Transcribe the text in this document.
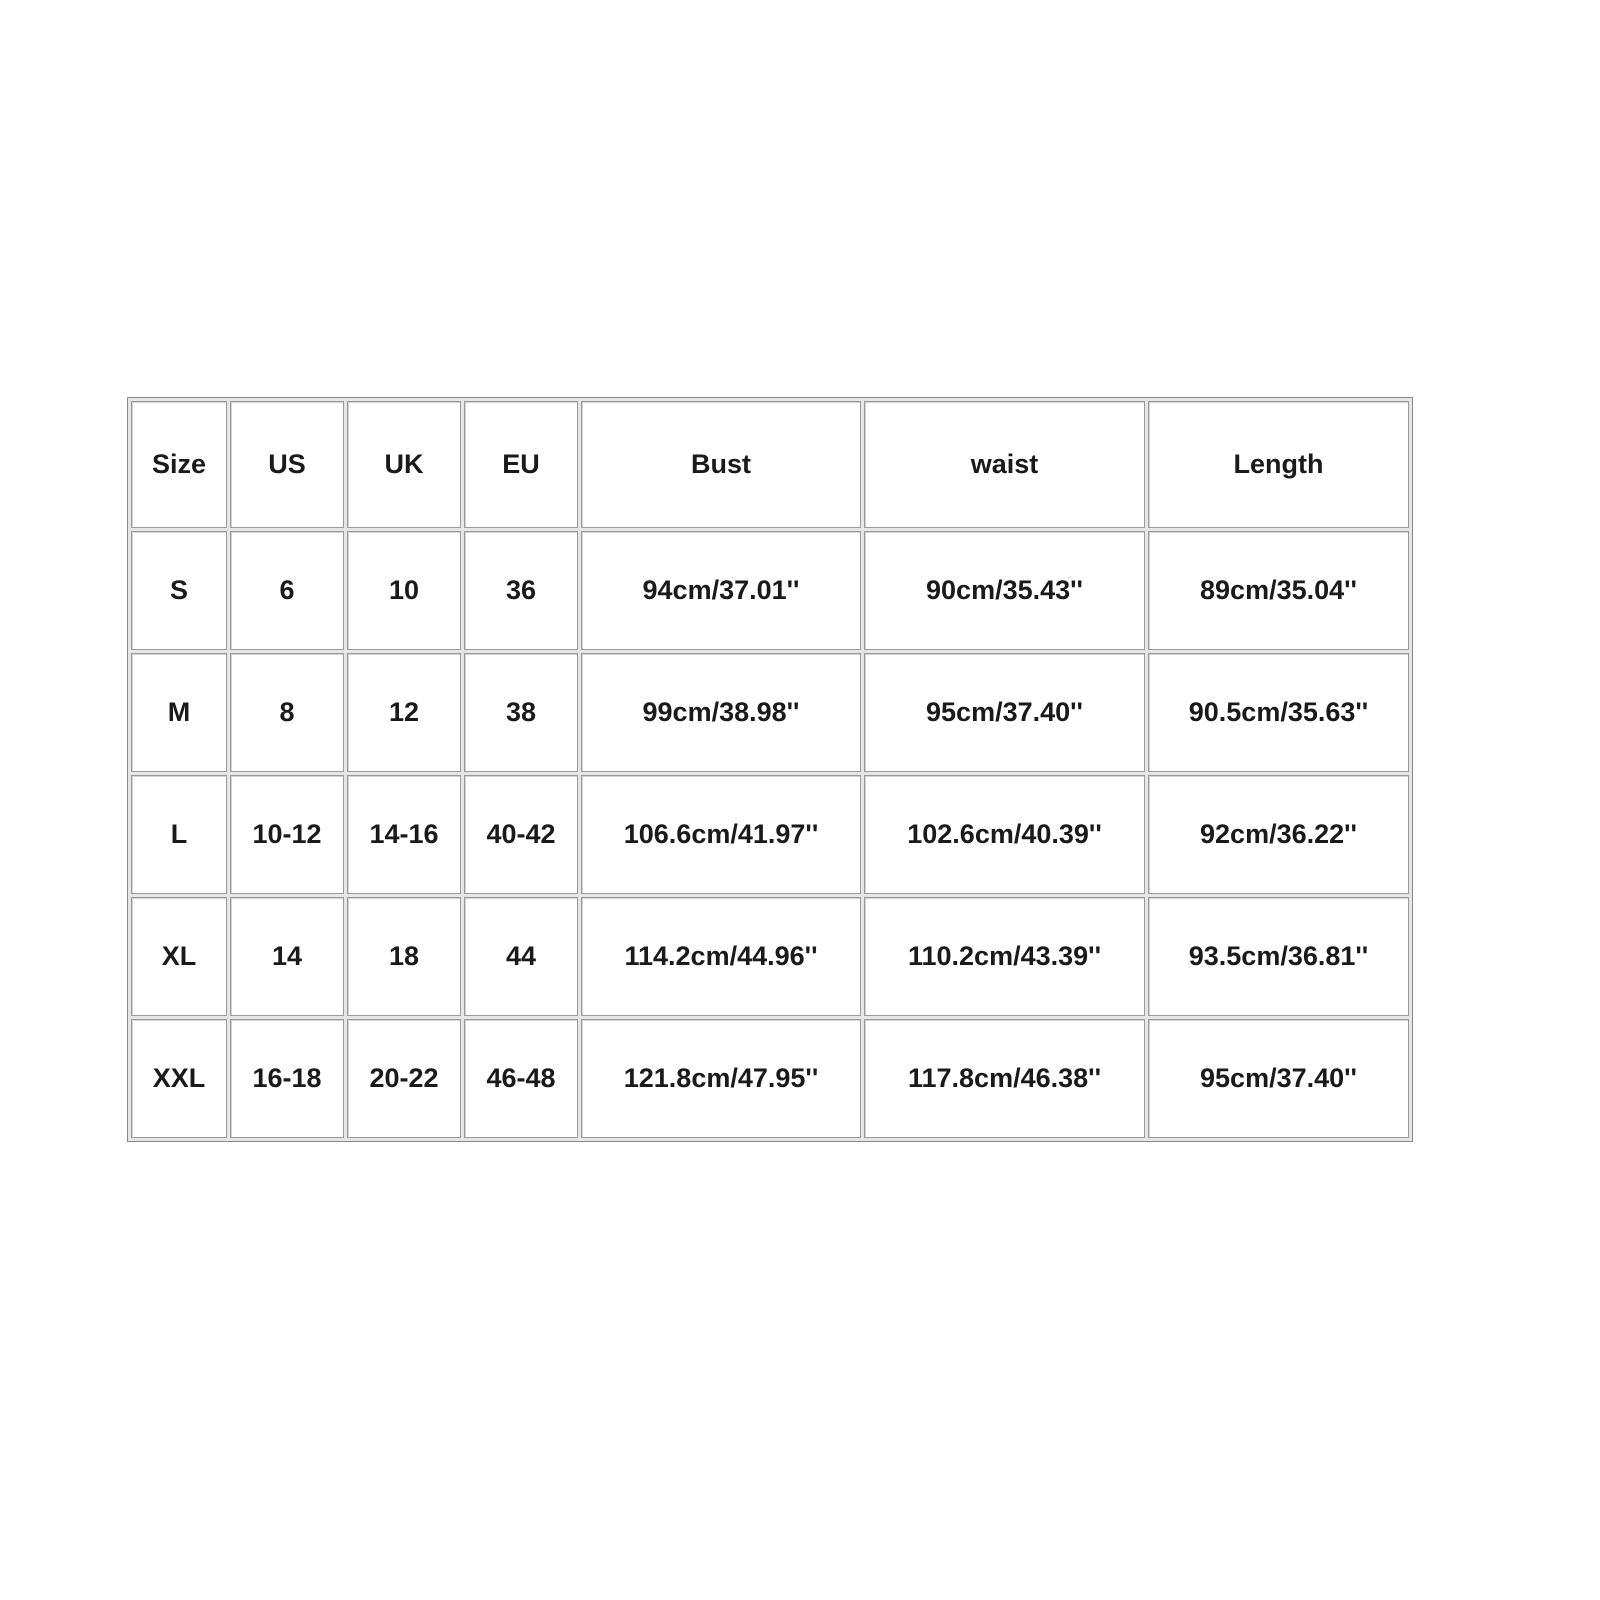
Size	US	UK	EU	Bust	waist	Length
S	6	10	36	94cm/37.01''	90cm/35.43''	89cm/35.04''
M	8	12	38	99cm/38.98''	95cm/37.40''	90.5cm/35.63''
L	10-12	14-16	40-42	106.6cm/41.97''	102.6cm/40.39''	92cm/36.22''
XL	14	18	44	114.2cm/44.96''	110.2cm/43.39''	93.5cm/36.81''
XXL	16-18	20-22	46-48	121.8cm/47.95''	117.8cm/46.38''	95cm/37.40''
